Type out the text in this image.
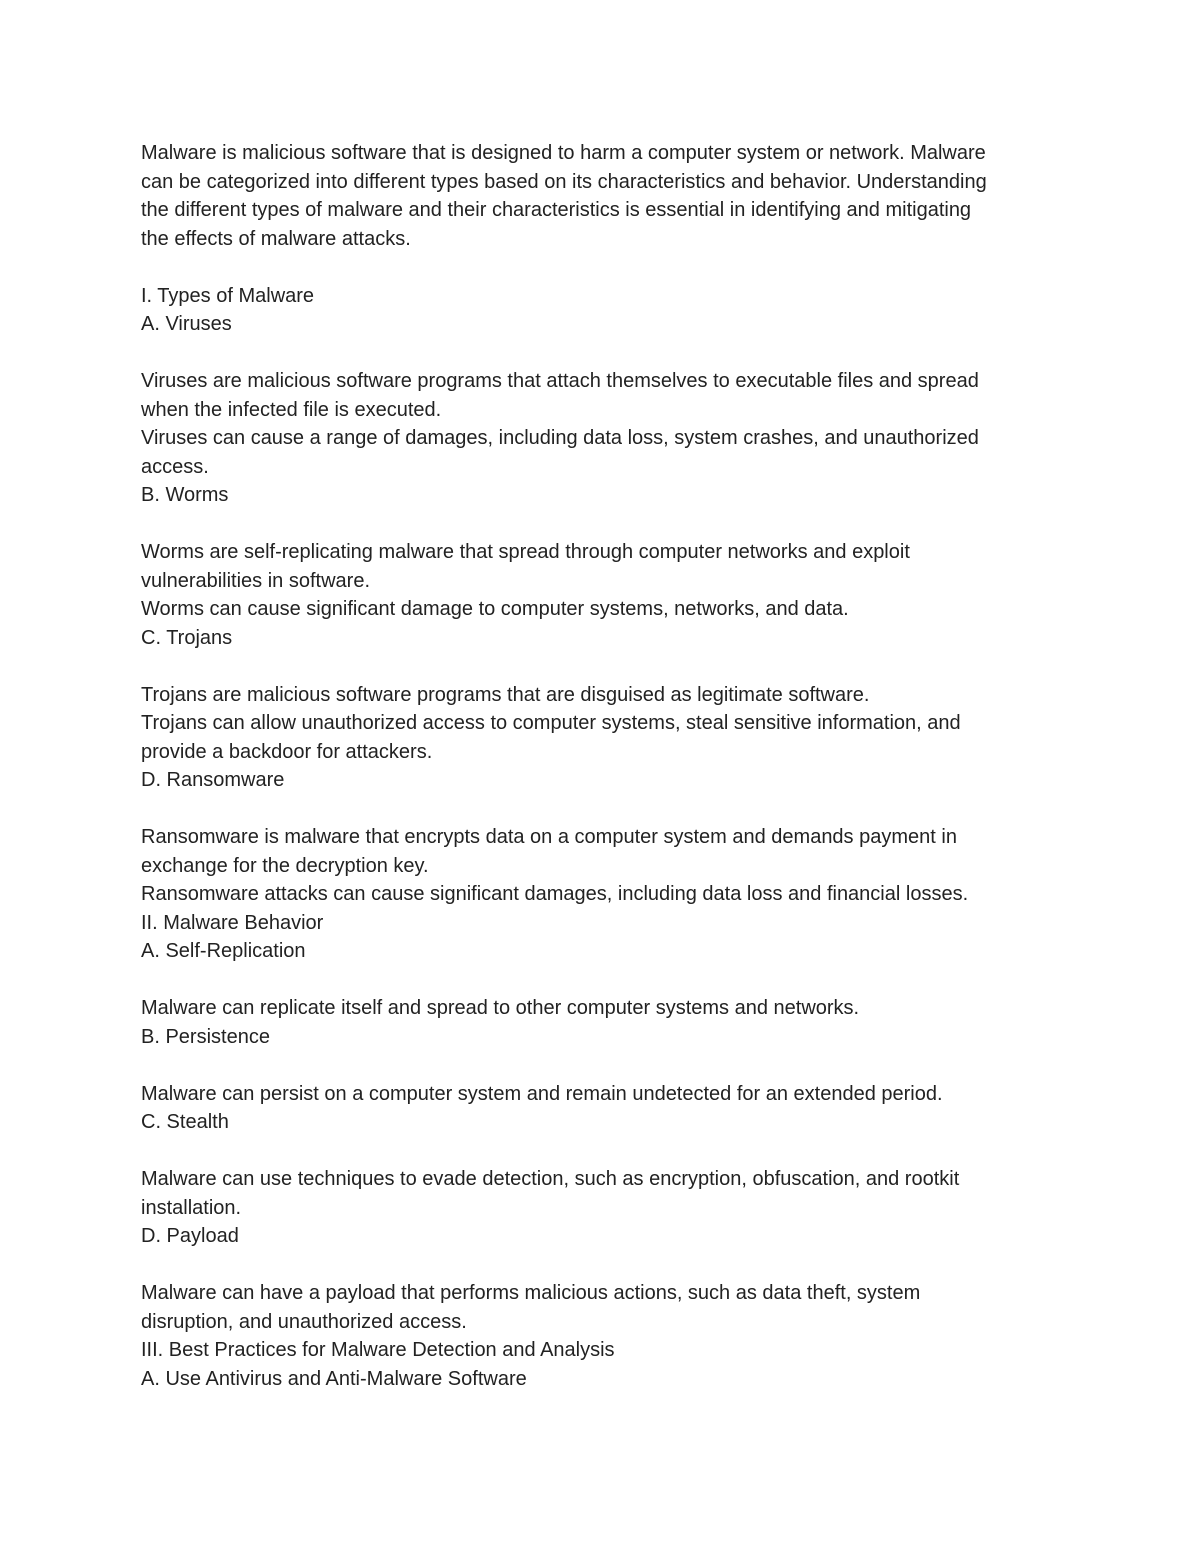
Malware is malicious software that is designed to harm a computer system or network. Malware
can be categorized into different types based on its characteristics and behavior. Understanding
the different types of malware and their characteristics is essential in identifying and mitigating
the effects of malware attacks.
I. Types of Malware
A. Viruses
Viruses are malicious software programs that attach themselves to executable files and spread
when the infected file is executed.
Viruses can cause a range of damages, including data loss, system crashes, and unauthorized
access.
B. Worms
Worms are self-replicating malware that spread through computer networks and exploit
vulnerabilities in software.
Worms can cause significant damage to computer systems, networks, and data.
C. Trojans
Trojans are malicious software programs that are disguised as legitimate software.
Trojans can allow unauthorized access to computer systems, steal sensitive information, and
provide a backdoor for attackers.
D. Ransomware
Ransomware is malware that encrypts data on a computer system and demands payment in
exchange for the decryption key.
Ransomware attacks can cause significant damages, including data loss and financial losses.
II. Malware Behavior
A. Self-Replication
Malware can replicate itself and spread to other computer systems and networks.
B. Persistence
Malware can persist on a computer system and remain undetected for an extended period.
C. Stealth
Malware can use techniques to evade detection, such as encryption, obfuscation, and rootkit
installation.
D. Payload
Malware can have a payload that performs malicious actions, such as data theft, system
disruption, and unauthorized access.
III. Best Practices for Malware Detection and Analysis
A. Use Antivirus and Anti-Malware Software
